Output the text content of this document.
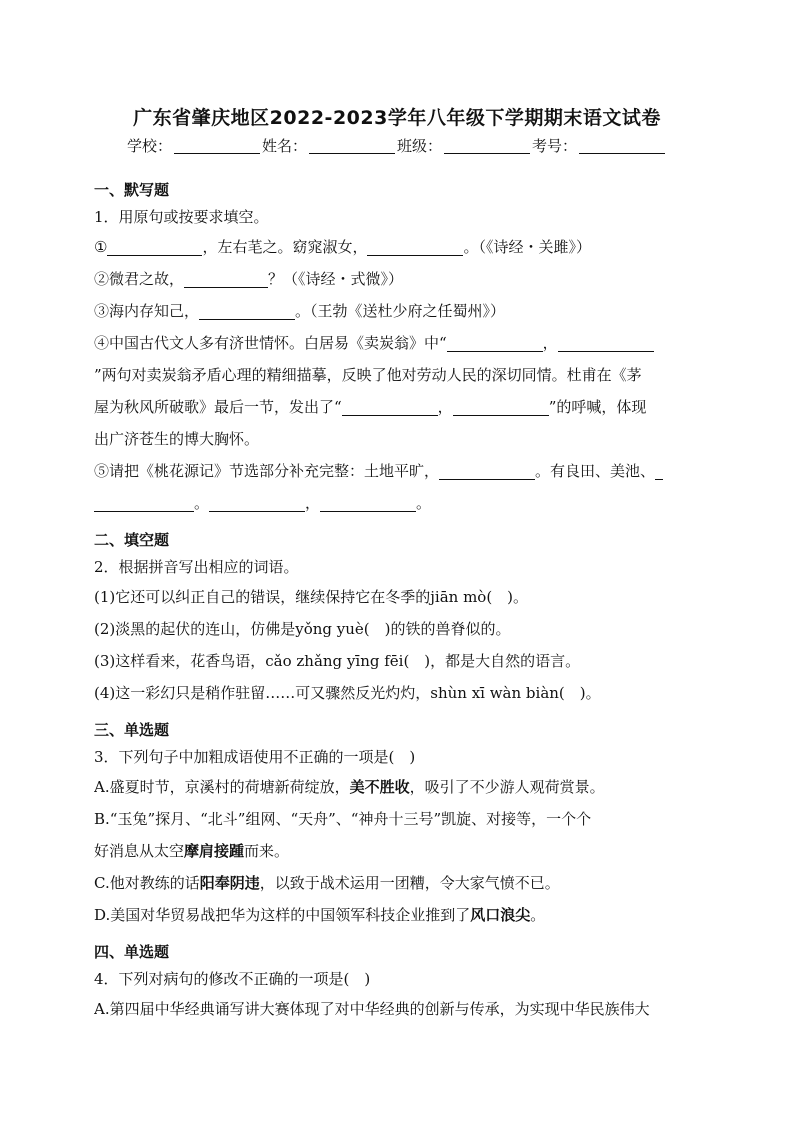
广东省肇庆地区2022-2023学年八年级下学期期末语文试卷
学校：	姓名：	班级：	考号：
一、默写题
1．用原句或按要求填空。
①	，左右芼之。窈窕淑女，	。（《诗经・关雎》）
②微君之故，	？（《诗经・式微》）
③海内存知己，	。（王勃《送杜少府之任蜀州》）
④中国古代文人多有济世情怀。白居易《卖炭翁》中“	，
”两句对卖炭翁矛盾心理的精细描摹，反映了他对劳动人民的深切同情。杜甫在《茅
屋为秋风所破歌》最后一节，发出了“	，	”的呼喊，体现
出广济苍生的博大胸怀。
⑤请把《桃花源记》节选部分补充完整：土地平旷，	。有良田、美池、
。	，	。
二、填空题
2．根据拼音写出相应的词语。
(1)它还可以纠正自己的错误，继续保持它在冬季的jiān mò(　)。
(2)淡黑的起伏的连山，仿佛是yǒng yuè(　)的铁的兽脊似的。
(3)这样看来，花香鸟语，cǎo zhǎng yīng fēi(　)，都是大自然的语言。
(4)这一彩幻只是稍作驻留……可又骤然反光灼灼，shùn xī wàn biàn(　)。
三、单选题
3．下列句子中加粗成语使用不正确的一项是(　)
A.盛夏时节，京溪村的荷塘新荷绽放，美不胜收，吸引了不少游人观荷赏景。
B.“玉兔”探月、“北斗”组网、“天舟”、“神舟十三号”凯旋、对接等，一个个
好消息从太空摩肩接踵而来。
C.他对教练的话阳奉阴违，以致于战术运用一团糟，令大家气愤不已。
D.美国对华贸易战把华为这样的中国领军科技企业推到了风口浪尖。
四、单选题
4．下列对病句的修改不正确的一项是(　)
A.第四届中华经典诵写讲大赛体现了对中华经典的创新与传承，为实现中华民族伟大
